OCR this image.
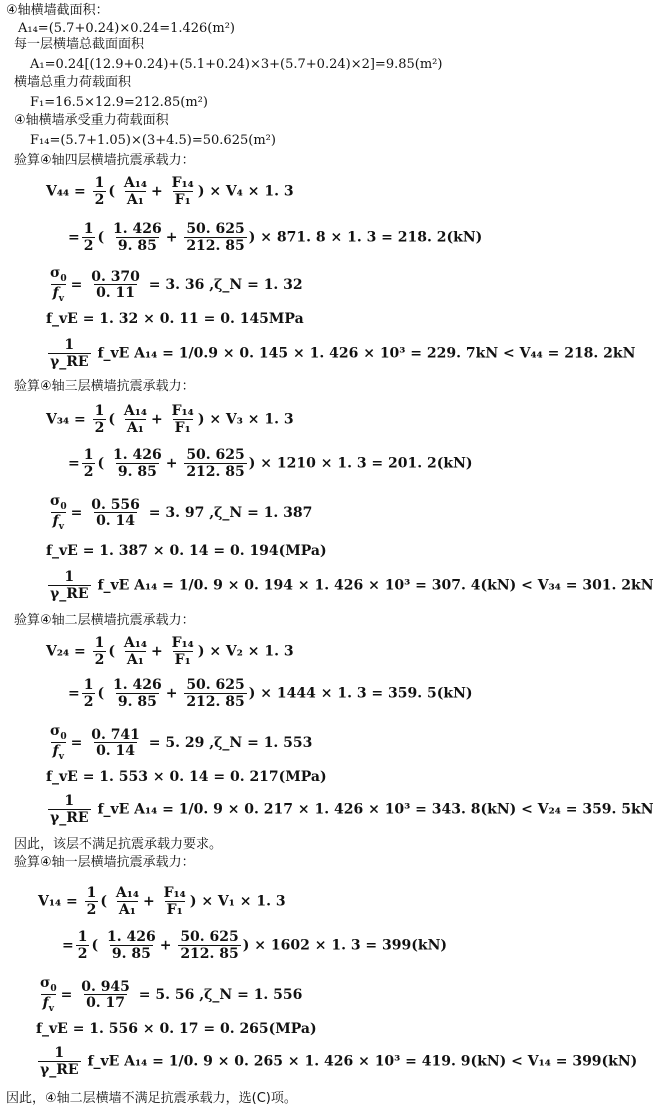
④轴横墙截面积：
A₁₄=(5.7+0.24)×0.24=1.426(m²)
每一层横墙总截面面积
A₁=0.24[(12.9+0.24)+(5.1+0.24)×3+(5.7+0.24)×2]=9.85(m²)
横墙总重力荷载面积
F₁=16.5×12.9=212.85(m²)
④轴横墙承受重力荷载面积
F₁₄=(5.7+1.05)×(3+4.5)=50.625(m²)
验算④轴四层横墙抗震承载力：
$V_{44} = \frac{1}{2}$ ( $\frac{\text{A₁₄}}{\text{A₁}} + \frac{\text{F₁₄}}{\text{F₁}}$ ) × V₄ × 1. 3
= $\frac{1}{2}$ ( $\frac{1. 426}{9. 85} + \frac{50. 625}{212. 85}$ ) × 871. 8 × 1. 3 = 218. 2(kN)
$\frac{\sigma_0}{f_v} = \frac{0. 370}{0. 11} = 3$. 36 ,ζ_N = 1. 32
f_vE = 1. 32 × 0. 11 = 0. 145MPa
$\frac{1}{\gamma\_RE}$ f_vE A₁₄ = 1/0.9 × 0. 145 × 1. 426 × 10³ = 229. 7kN < V₄₄ = 218. 2kN
验算④轴三层横墙抗震承载力：
$V_{34} = \frac{1}{2}$ ( $\frac{\text{A₁₄}}{\text{A₁}} + \frac{\text{F₁₄}}{\text{F₁}}$ ) × V₃ × 1. 3
= $\frac{1}{2}$ ( $\frac{1. 426}{9. 85} + \frac{50. 625}{212. 85}$ ) × 1210 × 1. 3 = 201. 2(kN)
$\frac{\sigma_0}{f_v} = \frac{0. 556}{0. 14} = 3$. 97 ,ζ_N = 1. 387
f_vE = 1. 387 × 0. 14 = 0. 194(MPa)
$\frac{1}{\gamma\_RE}$ f_vE A₁₄ = 1/0. 9 × 0. 194 × 1. 426 × 10³ = 307. 4(kN) < V₃₄ = 301. 2kN
验算④轴二层横墙抗震承载力：
$V_{24} = \frac{1}{2}$ ( $\frac{\text{A₁₄}}{\text{A₁}} + \frac{\text{F₁₄}}{\text{F₁}}$ ) × V₂ × 1. 3
= $\frac{1}{2}$ ( $\frac{1. 426}{9. 85} + \frac{50. 625}{212. 85}$ ) × 1444 × 1. 3 = 359. 5(kN)
$\frac{\sigma_0}{f_v} = \frac{0. 741}{0. 14} = 5$. 29 ,ζ_N = 1. 553
f_vE = 1. 553 × 0. 14 = 0. 217(MPa)
$\frac{1}{\gamma\_RE}$ f_vE A₁₄ = 1/0. 9 × 0. 217 × 1. 426 × 10³ = 343. 8(kN) < V₂₄ = 359. 5kN
因此，该层不满足抗震承载力要求。
验算④轴一层横墙抗震承载力：
$V_{14} = \frac{1}{2}$ ( $\frac{\text{A₁₄}}{\text{A₁}} + \frac{\text{F₁₄}}{\text{F₁}}$ ) × V₁ × 1. 3
= $\frac{1}{2}$ ( $\frac{1. 426}{9. 85} + \frac{50. 625}{212. 85}$ ) × 1602 × 1. 3 = 399(kN)
$\frac{\sigma_0}{f_v} = \frac{0. 945}{0. 17} = 5$. 56 ,ζ_N = 1. 556
f_vE = 1. 556 × 0. 17 = 0. 265(MPa)
$\frac{1}{\gamma\_RE}$ f_vE A₁₄ = 1/0. 9 × 0. 265 × 1. 426 × 10³ = 419. 9(kN) < V₁₄ = 399(kN)
因此，④轴二层横墙不满足抗震承载力，选(C)项。
